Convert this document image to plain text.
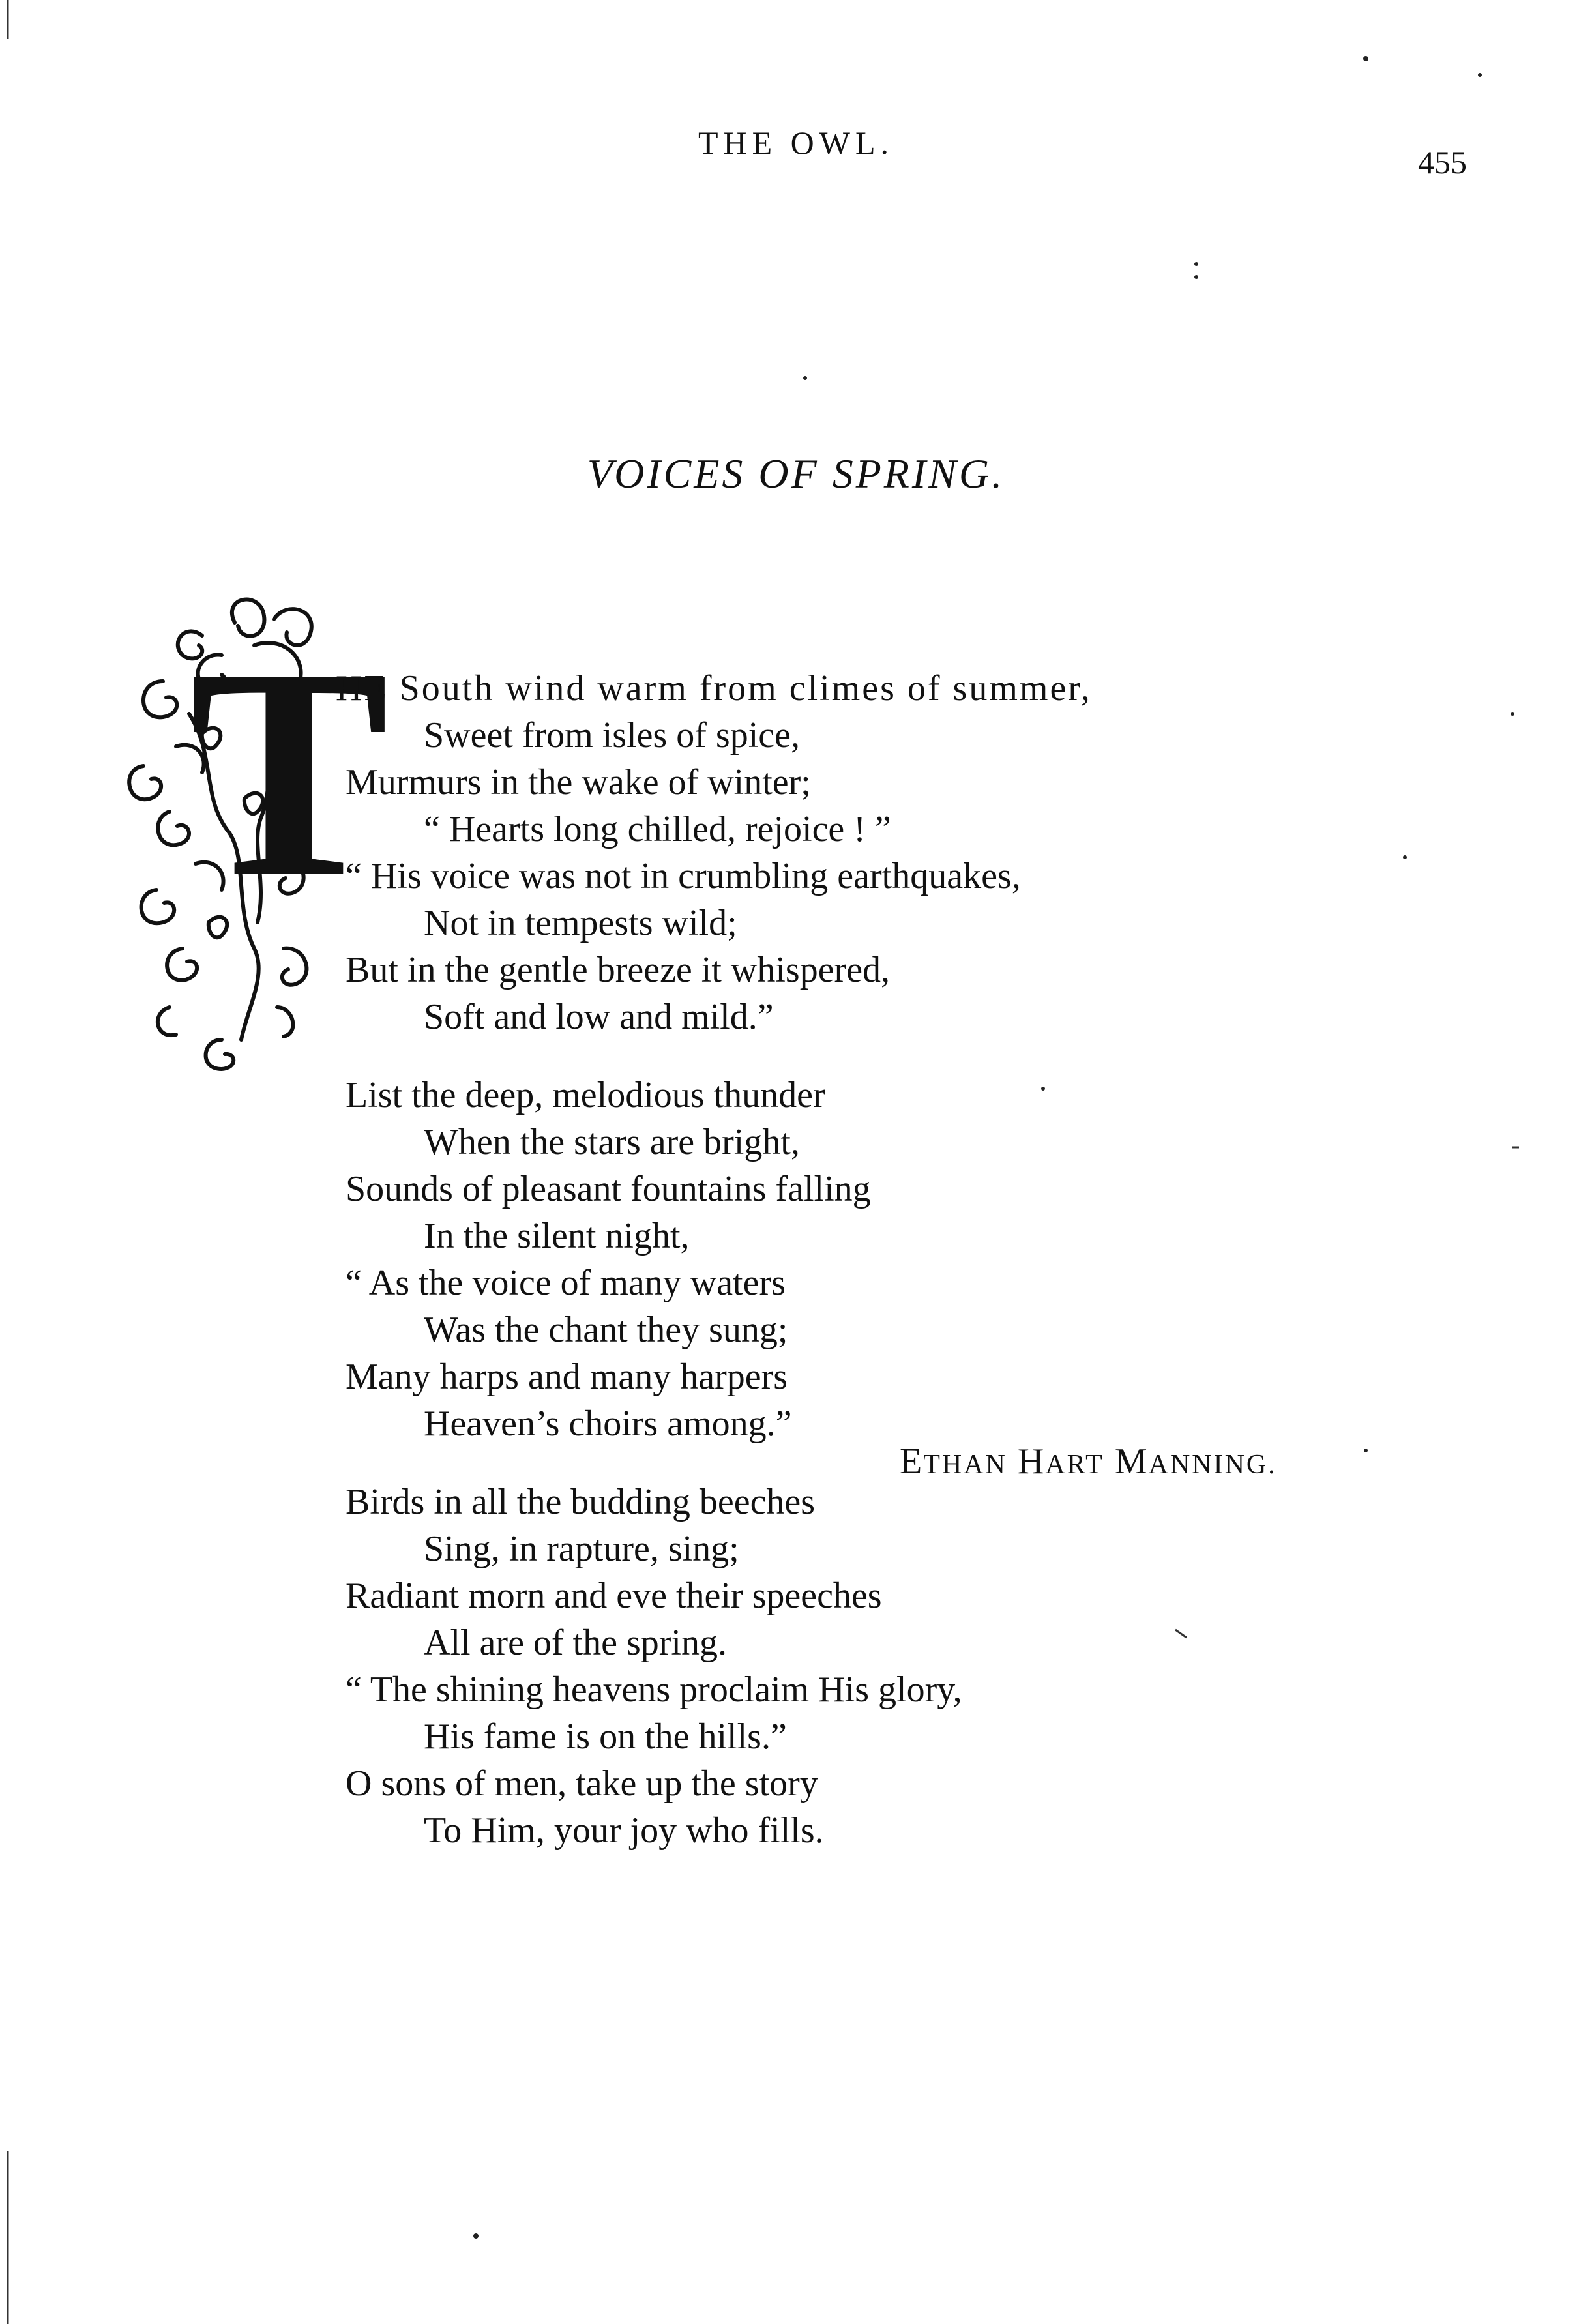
THE OWL.
455
VOICES OF SPRING.
T
HE South wind warm from climes of summer,
Sweet from isles of spice,
Murmurs in the wake of winter;
“ Hearts long chilled, rejoice ! ”
“ His voice was not in crumbling earthquakes,
Not in tempests wild;
But in the gentle breeze it whispered,
Soft and low and mild.”
List the deep, melodious thunder
When the stars are bright,
Sounds of pleasant fountains falling
In the silent night,
“ As the voice of many waters
Was the chant they sung;
Many harps and many harpers
Heaven’s choirs among.”
Birds in all the budding beeches
Sing, in rapture, sing;
Radiant morn and eve their speeches
All are of the spring.
“ The shining heavens proclaim His glory,
His fame is on the hills.”
O sons of men, take up the story
To Him, your joy who fills.
ETHAN HART MANNING.
